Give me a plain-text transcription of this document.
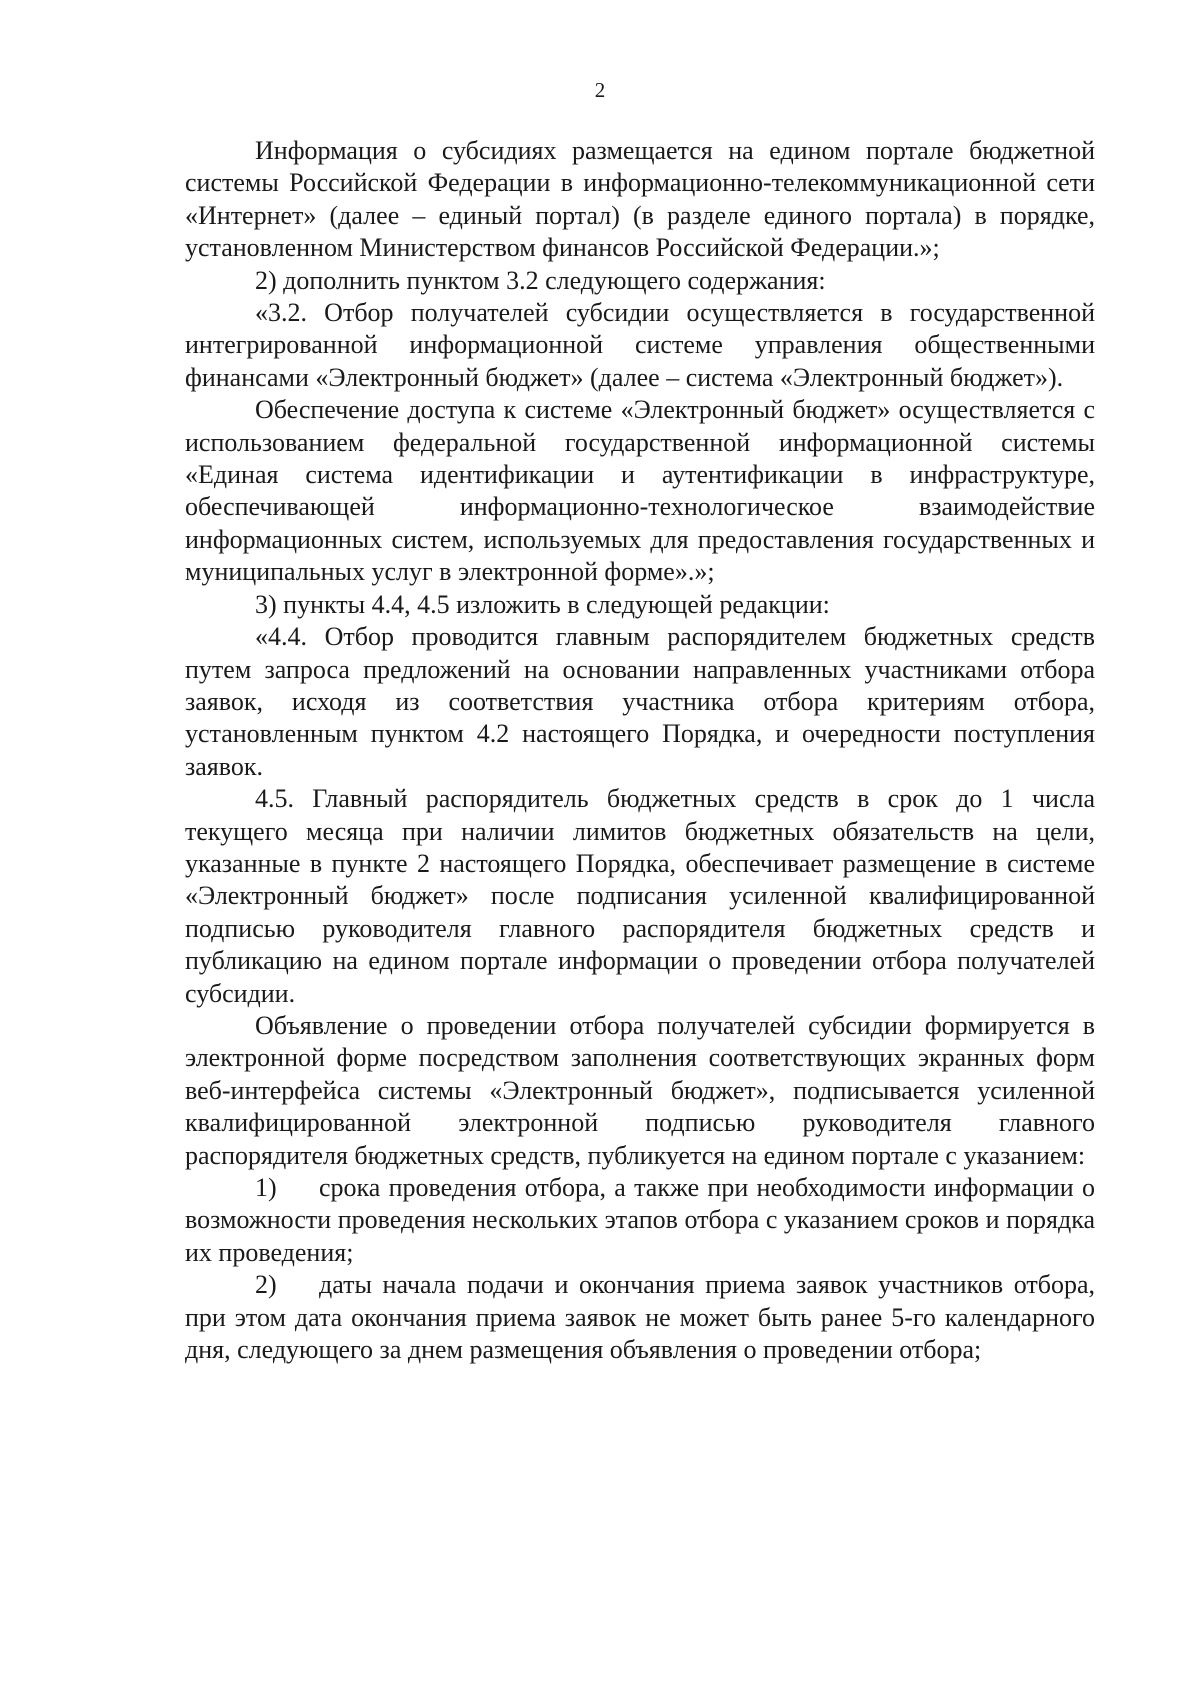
2

Информация о субсидиях размещается на едином портале бюджетной системы Российской Федерации в информационно-телекоммуникационной сети «Интернет» (далее – единый портал) (в разделе единого портала) в порядке, установленном Министерством финансов Российской Федерации.»;

2) дополнить пунктом 3.2 следующего содержания:

«3.2. Отбор получателей субсидии осуществляется в государственной интегрированной информационной системе управления общественными финансами «Электронный бюджет» (далее – система «Электронный бюджет»).

Обеспечение доступа к системе «Электронный бюджет» осуществляется с использованием федеральной государственной информационной системы «Единая система идентификации и аутентификации в инфраструктуре, обеспечивающей информационно-технологическое взаимодействие информационных систем, используемых для предоставления государственных и муниципальных услуг в электронной форме».»;

3) пункты 4.4, 4.5 изложить в следующей редакции:

«4.4. Отбор проводится главным распорядителем бюджетных средств путем запроса предложений на основании направленных участниками отбора заявок, исходя из соответствия участника отбора критериям отбора, установленным пунктом 4.2 настоящего Порядка, и очередности поступления заявок.

4.5. Главный распорядитель бюджетных средств в срок до 1 числа текущего месяца при наличии лимитов бюджетных обязательств на цели, указанные в пункте 2 настоящего Порядка, обеспечивает размещение в системе «Электронный бюджет» после подписания усиленной квалифицированной подписью руководителя главного распорядителя бюджетных средств и публикацию на едином портале информации о проведении отбора получателей субсидии.

Объявление о проведении отбора получателей субсидии формируется в электронной форме посредством заполнения соответствующих экранных форм веб-интерфейса системы «Электронный бюджет», подписывается усиленной квалифицированной электронной подписью руководителя главного распорядителя бюджетных средств, публикуется на едином портале с указанием:

1) срока проведения отбора, а также при необходимости информации о возможности проведения нескольких этапов отбора с указанием сроков и порядка их проведения;

2) даты начала подачи и окончания приема заявок участников отбора, при этом дата окончания приема заявок не может быть ранее 5-го календарного дня, следующего за днем размещения объявления о проведении отбора;
